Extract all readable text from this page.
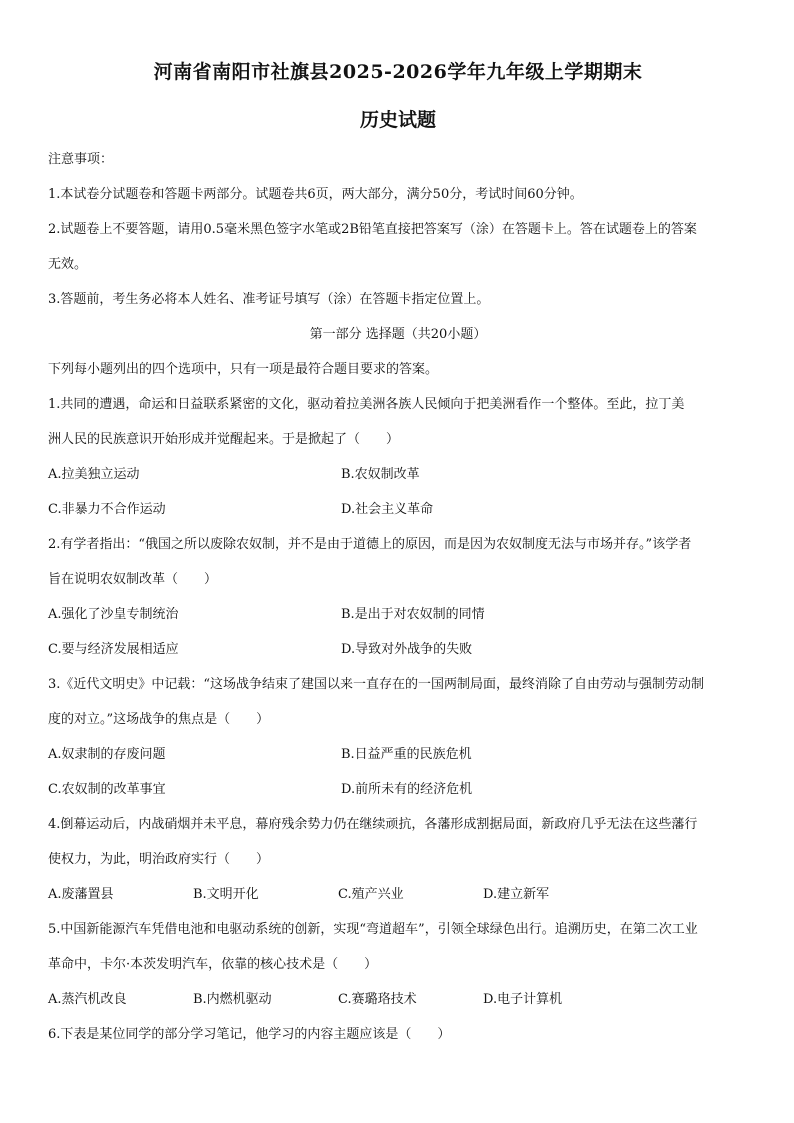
河南省南阳市社旗县2025-2026学年九年级上学期期末
历史试题
注意事项：
1.本试卷分试题卷和答题卡两部分。试题卷共6页，两大部分，满分50分，考试时间60分钟。
2.试题卷上不要答题，请用0.5毫米黑色签字水笔或2B铅笔直接把答案写（涂）在答题卡上。答在试题卷上的答案
无效。
3.答题前，考生务必将本人姓名、准考证号填写（涂）在答题卡指定位置上。
第一部分 选择题（共20小题）
下列每小题列出的四个选项中，只有一项是最符合题目要求的答案。
1.共同的遭遇，命运和日益联系紧密的文化，驱动着拉美洲各族人民倾向于把美洲看作一个整体。至此，拉丁美
洲人民的民族意识开始形成并觉醒起来。于是掀起了（　　）
A.拉美独立运动	B.农奴制改革
C.非暴力不合作运动	D.社会主义革命
2.有学者指出：“俄国之所以废除农奴制，并不是由于道德上的原因，而是因为农奴制度无法与市场并存。”该学者
旨在说明农奴制改革（　　）
A.强化了沙皇专制统治	B.是出于对农奴制的同情
C.要与经济发展相适应	D.导致对外战争的失败
3.《近代文明史》中记载：“这场战争结束了建国以来一直存在的一国两制局面，最终消除了自由劳动与强制劳动制
度的对立。”这场战争的焦点是（　　）
A.奴隶制的存废问题	B.日益严重的民族危机
C.农奴制的改革事宜	D.前所未有的经济危机
4.倒幕运动后，内战硝烟并未平息，幕府残余势力仍在继续顽抗，各藩形成割据局面，新政府几乎无法在这些藩行
使权力，为此，明治政府实行（　　）
A.废藩置县	B.文明开化	C.殖产兴业	D.建立新军
5.中国新能源汽车凭借电池和电驱动系统的创新，实现“弯道超车”，引领全球绿色出行。追溯历史，在第二次工业
革命中，卡尔·本茨发明汽车，依靠的核心技术是（　　）
A.蒸汽机改良	B.内燃机驱动	C.赛璐珞技术	D.电子计算机
6.下表是某位同学的部分学习笔记，他学习的内容主题应该是（　　）
